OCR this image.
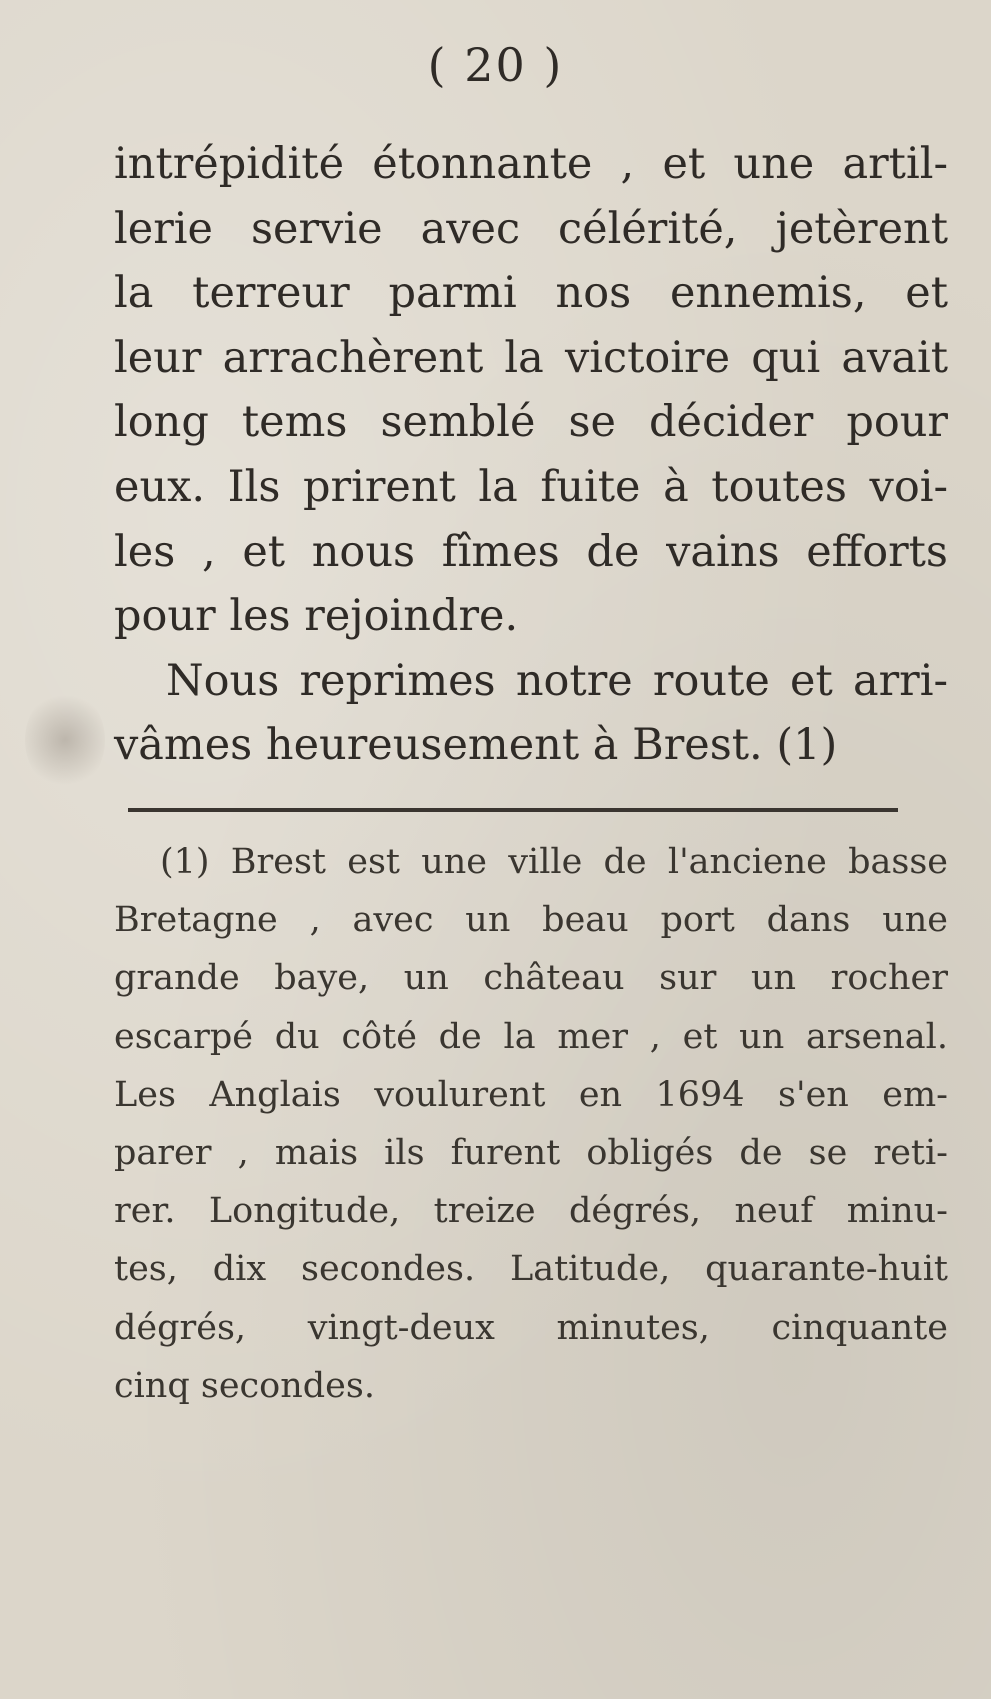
( 20 )
intrépidité étonnante , et une artil-
lerie servie avec célérité, jetèrent
la terreur parmi nos ennemis, et
leur arrachèrent la victoire qui avait
long tems semblé se décider pour
eux. Ils prirent la fuite à toutes voi-
les , et nous fîmes de vains efforts
pour les rejoindre.
Nous reprimes notre route et arri-
vâmes heureusement à Brest. (1)
(1) Brest est une ville de l'anciene basse
Bretagne , avec un beau port dans une
grande baye, un château sur un rocher
escarpé du côté de la mer , et un arsenal.
Les Anglais voulurent en 1694 s'en em-
parer , mais ils furent obligés de se reti-
rer. Longitude, treize dégrés, neuf minu-
tes, dix secondes. Latitude, quarante-huit
dégrés, vingt-deux minutes, cinquante
cinq secondes.
